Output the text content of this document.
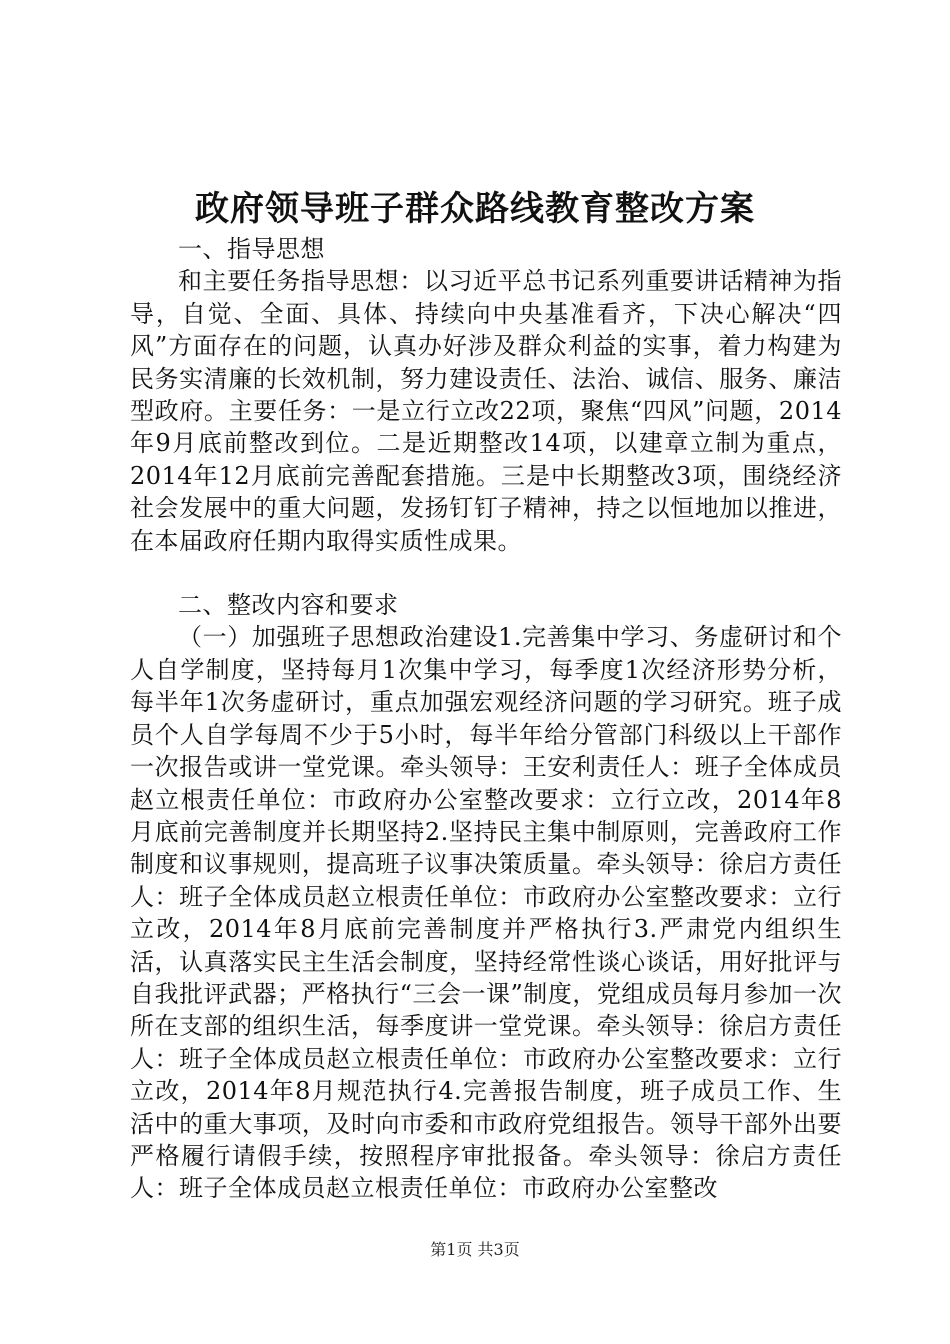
政府领导班子群众路线教育整改方案

一、指导思想

和主要任务指导思想：以习近平总书记系列重要讲话精神为指导，自觉、全面、具体、持续向中央基准看齐，下决心解决“四风”方面存在的问题，认真办好涉及群众利益的实事，着力构建为民务实清廉的长效机制，努力建设责任、法治、诚信、服务、廉洁型政府。主要任务：一是立行立改22项，聚焦“四风”问题，2014年9月底前整改到位。二是近期整改14项，以建章立制为重点，2014年12月底前完善配套措施。三是中长期整改3项，围绕经济社会发展中的重大问题，发扬钉钉子精神，持之以恒地加以推进，在本届政府任期内取得实质性成果。

二、整改内容和要求

（一）加强班子思想政治建设1.完善集中学习、务虚研讨和个人自学制度，坚持每月1次集中学习，每季度1次经济形势分析，每半年1次务虚研讨，重点加强宏观经济问题的学习研究。班子成员个人自学每周不少于5小时，每半年给分管部门科级以上干部作一次报告或讲一堂党课。牵头领导：王安利责任人：班子全体成员赵立根责任单位：市政府办公室整改要求：立行立改，2014年8月底前完善制度并长期坚持2.坚持民主集中制原则，完善政府工作制度和议事规则，提高班子议事决策质量。牵头领导：徐启方责任人：班子全体成员赵立根责任单位：市政府办公室整改要求：立行立改，2014年8月底前完善制度并严格执行3.严肃党内组织生活，认真落实民主生活会制度，坚持经常性谈心谈话，用好批评与自我批评武器；严格执行“三会一课”制度，党组成员每月参加一次所在支部的组织生活，每季度讲一堂党课。牵头领导：徐启方责任人：班子全体成员赵立根责任单位：市政府办公室整改要求：立行立改，2014年8月规范执行4.完善报告制度，班子成员工作、生活中的重大事项，及时向市委和市政府党组报告。领导干部外出要严格履行请假手续，按照程序审批报备。牵头领导：徐启方责任人：班子全体成员赵立根责任单位：市政府办公室整改

第1页 共3页
